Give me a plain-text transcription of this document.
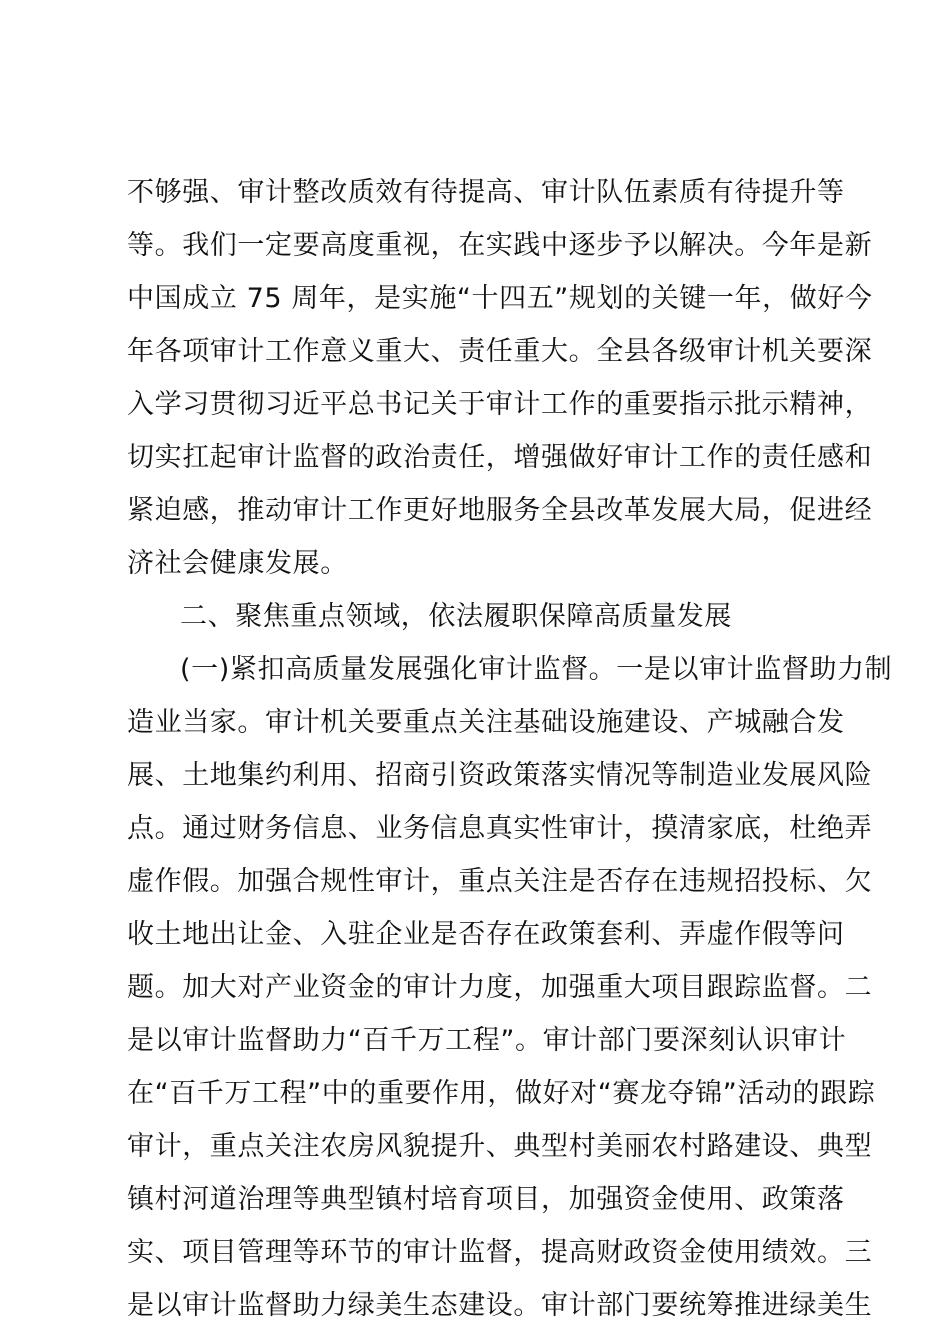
不够强、审计整改质效有待提高、审计队伍素质有待提升等
等。我们一定要高度重视，在实践中逐步予以解决。今年是新
中国成立 75 周年，是实施“十四五”规划的关键一年，做好今
年各项审计工作意义重大、责任重大。全县各级审计机关要深
入学习贯彻习近平总书记关于审计工作的重要指示批示精神，
切实扛起审计监督的政治责任，增强做好审计工作的责任感和
紧迫感，推动审计工作更好地服务全县改革发展大局，促进经
济社会健康发展。
二、聚焦重点领域，依法履职保障高质量发展
(一)紧扣高质量发展强化审计监督。一是以审计监督助力制
造业当家。审计机关要重点关注基础设施建设、产城融合发
展、土地集约利用、招商引资政策落实情况等制造业发展风险
点。通过财务信息、业务信息真实性审计，摸清家底，杜绝弄
虚作假。加强合规性审计，重点关注是否存在违规招投标、欠
收土地出让金、入驻企业是否存在政策套利、弄虚作假等问
题。加大对产业资金的审计力度，加强重大项目跟踪监督。二
是以审计监督助力“百千万工程”。审计部门要深刻认识审计
在“百千万工程”中的重要作用，做好对“赛龙夺锦”活动的跟踪
审计，重点关注农房风貌提升、典型村美丽农村路建设、典型
镇村河道治理等典型镇村培育项目，加强资金使用、政策落
实、项目管理等环节的审计监督，提高财政资金使用绩效。三
是以审计监督助力绿美生态建设。审计部门要统筹推进绿美生
